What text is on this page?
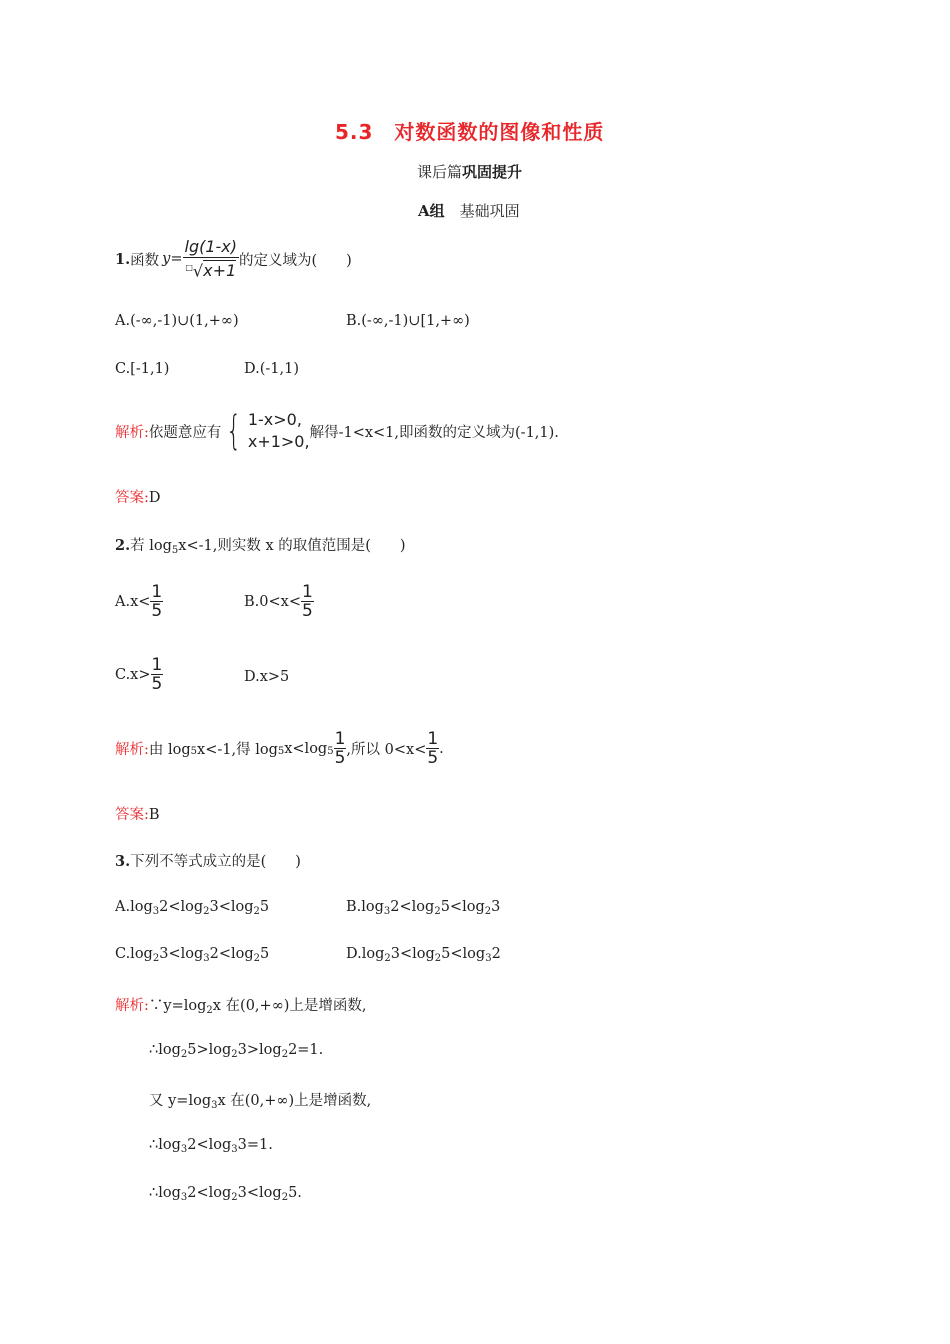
5.3　对数函数的图像和性质
课后篇巩固提升
A组　 基础巩固
1. 函数 $y = \frac{\lg(1-x)}{^□√x+1}$ 的定义域为(　　)
A.(-∞,-1)∪(1,+∞)	B.(-∞,-1)∪[1,+∞)
C.[-1,1)	D.(-1,1)
解析: 依题意应有 { 1-x>0,
x+1>0, 解得-1<x<1,即函数的定义域为(-1,1).
答案:D
2.若 $\log_5x<-1$,则实数 x 的取值范围是(　　)
$A.x< \frac{1}{5}$	$B.0<x< \frac{1}{5}$
$C.x> \frac{1}{5}$	D.x>5
解析: 由 log 5 x<-1,得 log 5 x<log $5 \frac{1}{5}$ ,所以 $0<x< \frac{1}{5}$ .
答案:B
3.下列不等式成立的是(　　)
$A.\log_32<\log_23<\log_25$	$B.\log_32<\log_25<\log_23$
$C.\log_23<\log_32<\log_25$	$D.\log_23<\log_25<\log_32$
解析$:\because y=\log_2x$ 在(0,+∞)上是增函数,
$\therefore\log_25>\log_23>\log_22=1$.
又 $y=\log_3x$ 在(0,+∞)上是增函数,
$\therefore\log_32<\log_33=1$.
$\therefore\log_32<\log_23<\log_25$.
